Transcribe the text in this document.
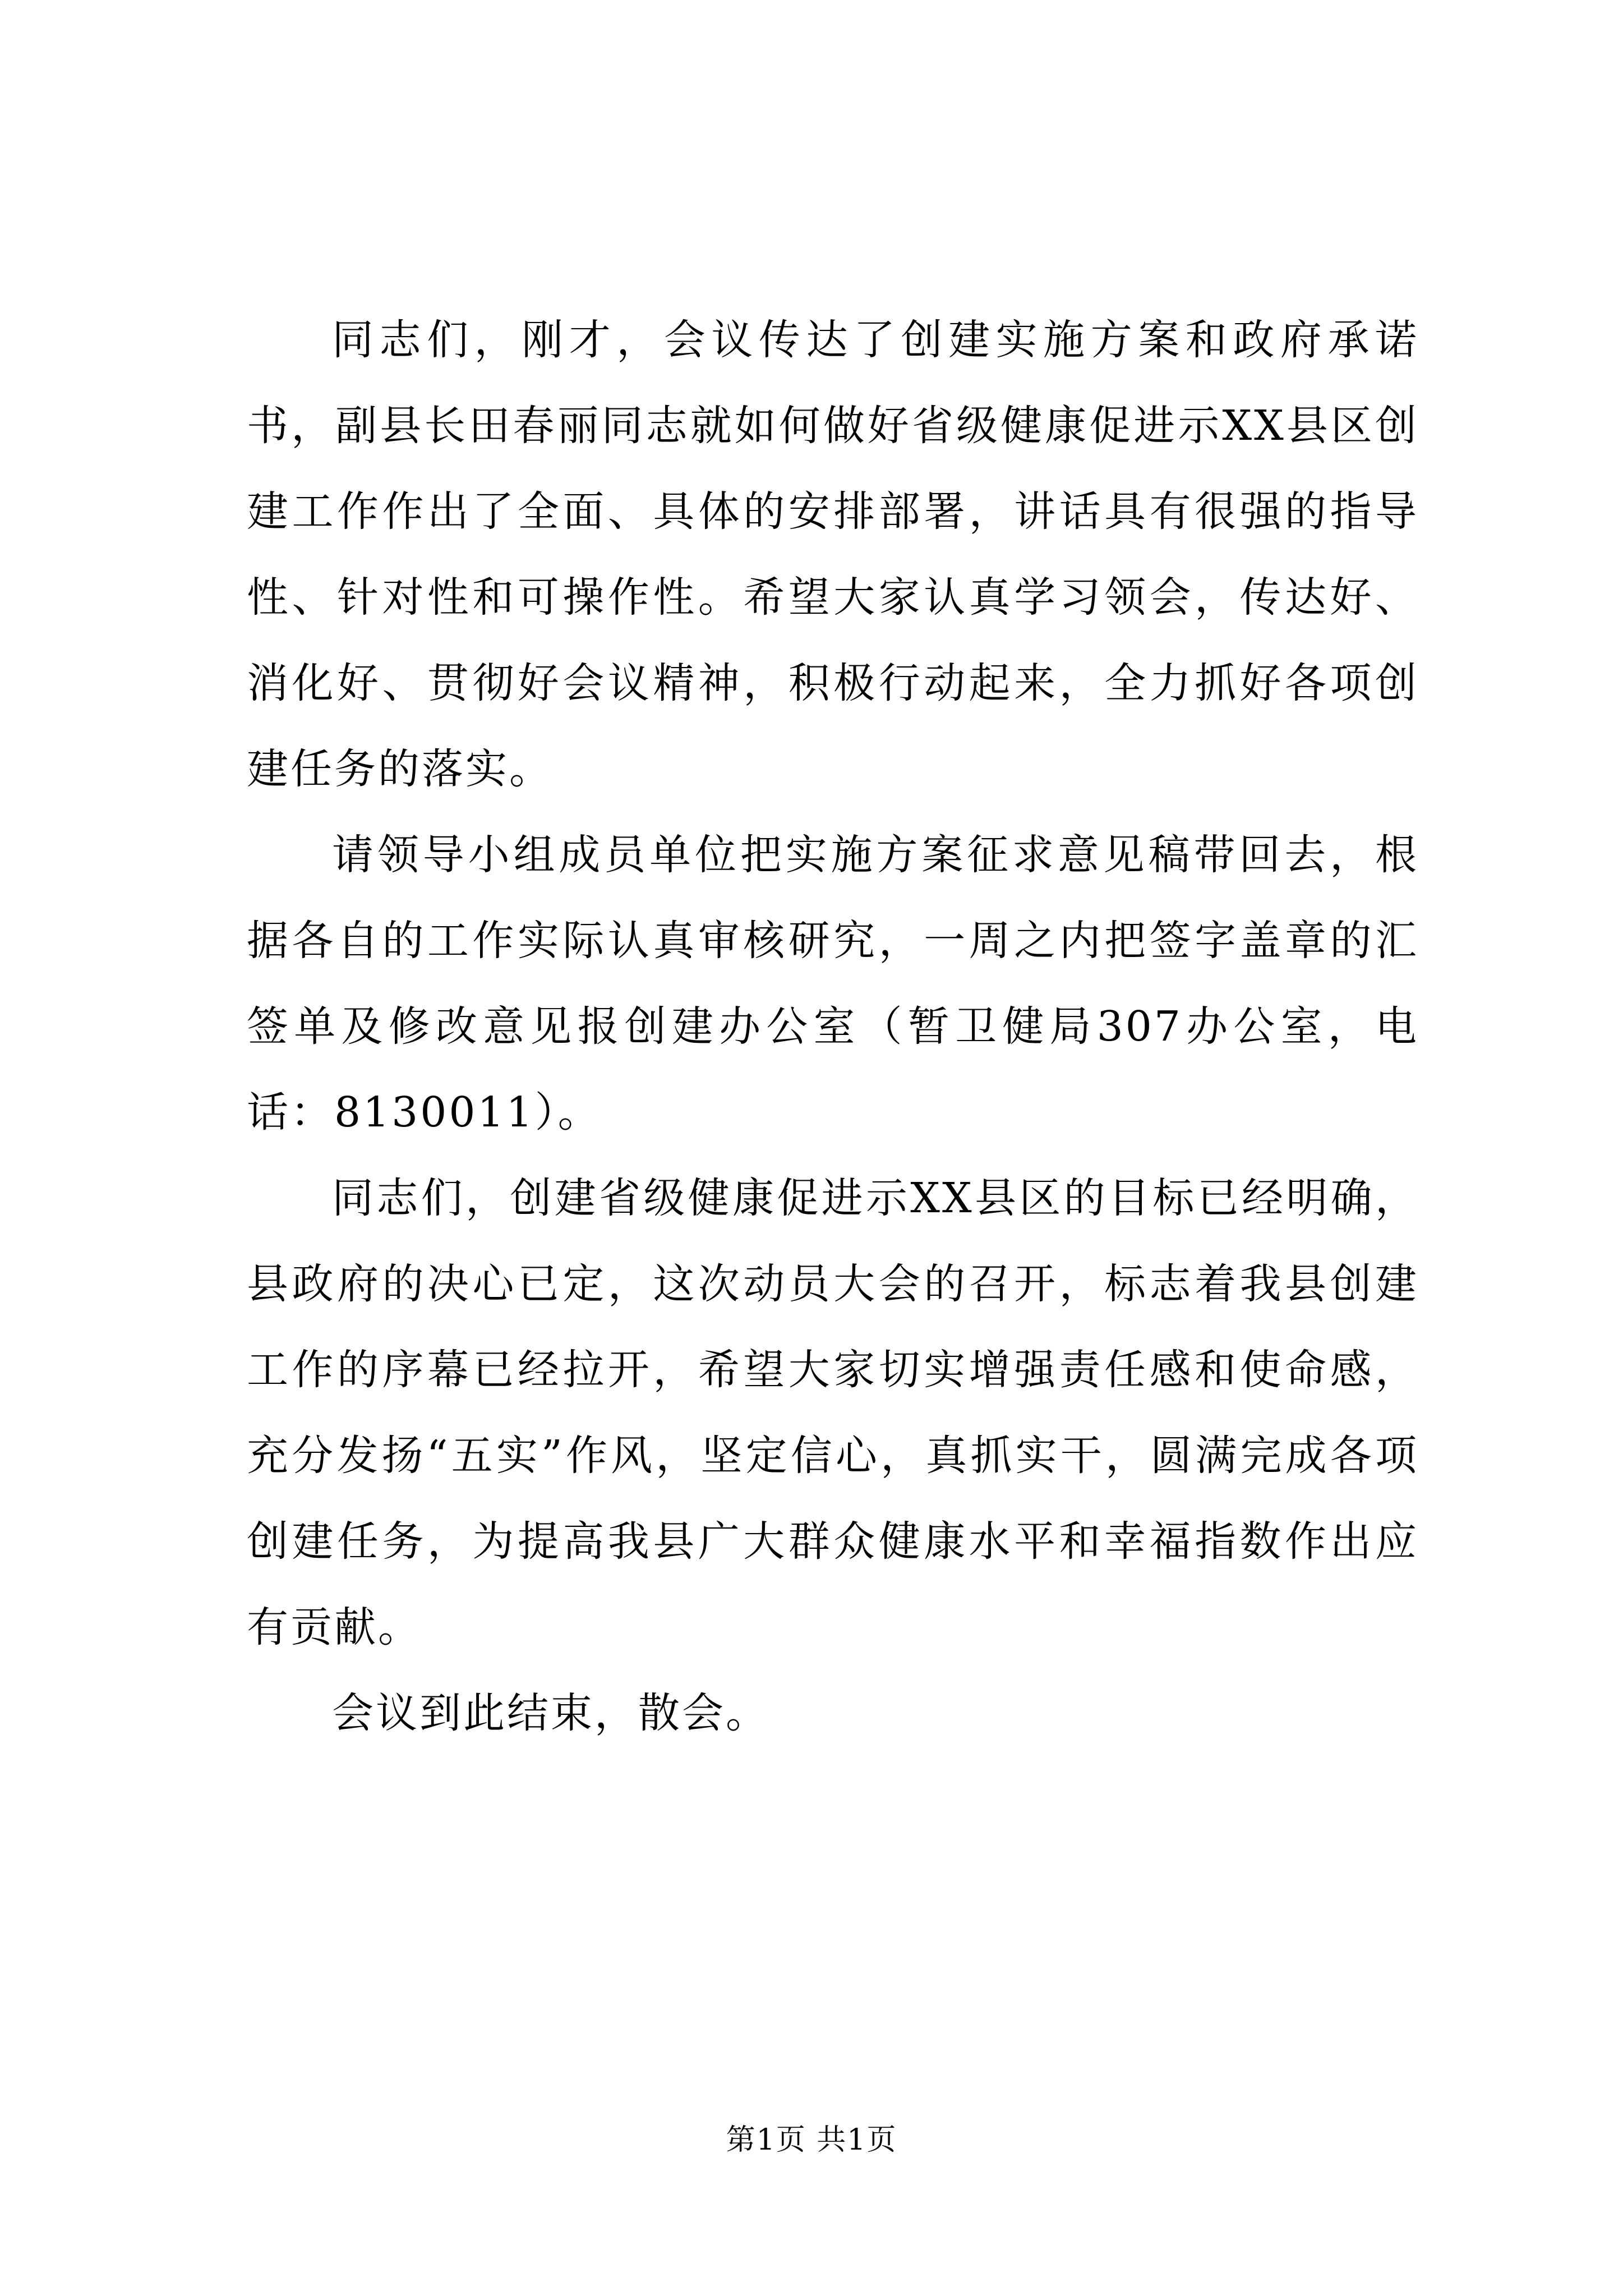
同志们，刚才，会议传达了创建实施方案和政府承诺书，副县长田春丽同志就如何做好省级健康促进示XX县区创建工作作出了全面、具体的安排部署，讲话具有很强的指导性、针对性和可操作性。希望大家认真学习领会，传达好、消化好、贯彻好会议精神，积极行动起来，全力抓好各项创建任务的落实。

请领导小组成员单位把实施方案征求意见稿带回去，根据各自的工作实际认真审核研究，一周之内把签字盖章的汇签单及修改意见报创建办公室（暂卫健局307办公室，电话：8130011）。

同志们，创建省级健康促进示XX县区的目标已经明确，县政府的决心已定，这次动员大会的召开，标志着我县创建工作的序幕已经拉开，希望大家切实增强责任感和使命感，充分发扬“五实”作风，坚定信心，真抓实干，圆满完成各项创建任务，为提高我县广大群众健康水平和幸福指数作出应有贡献。

会议到此结束，散会。

第1页 共1页
